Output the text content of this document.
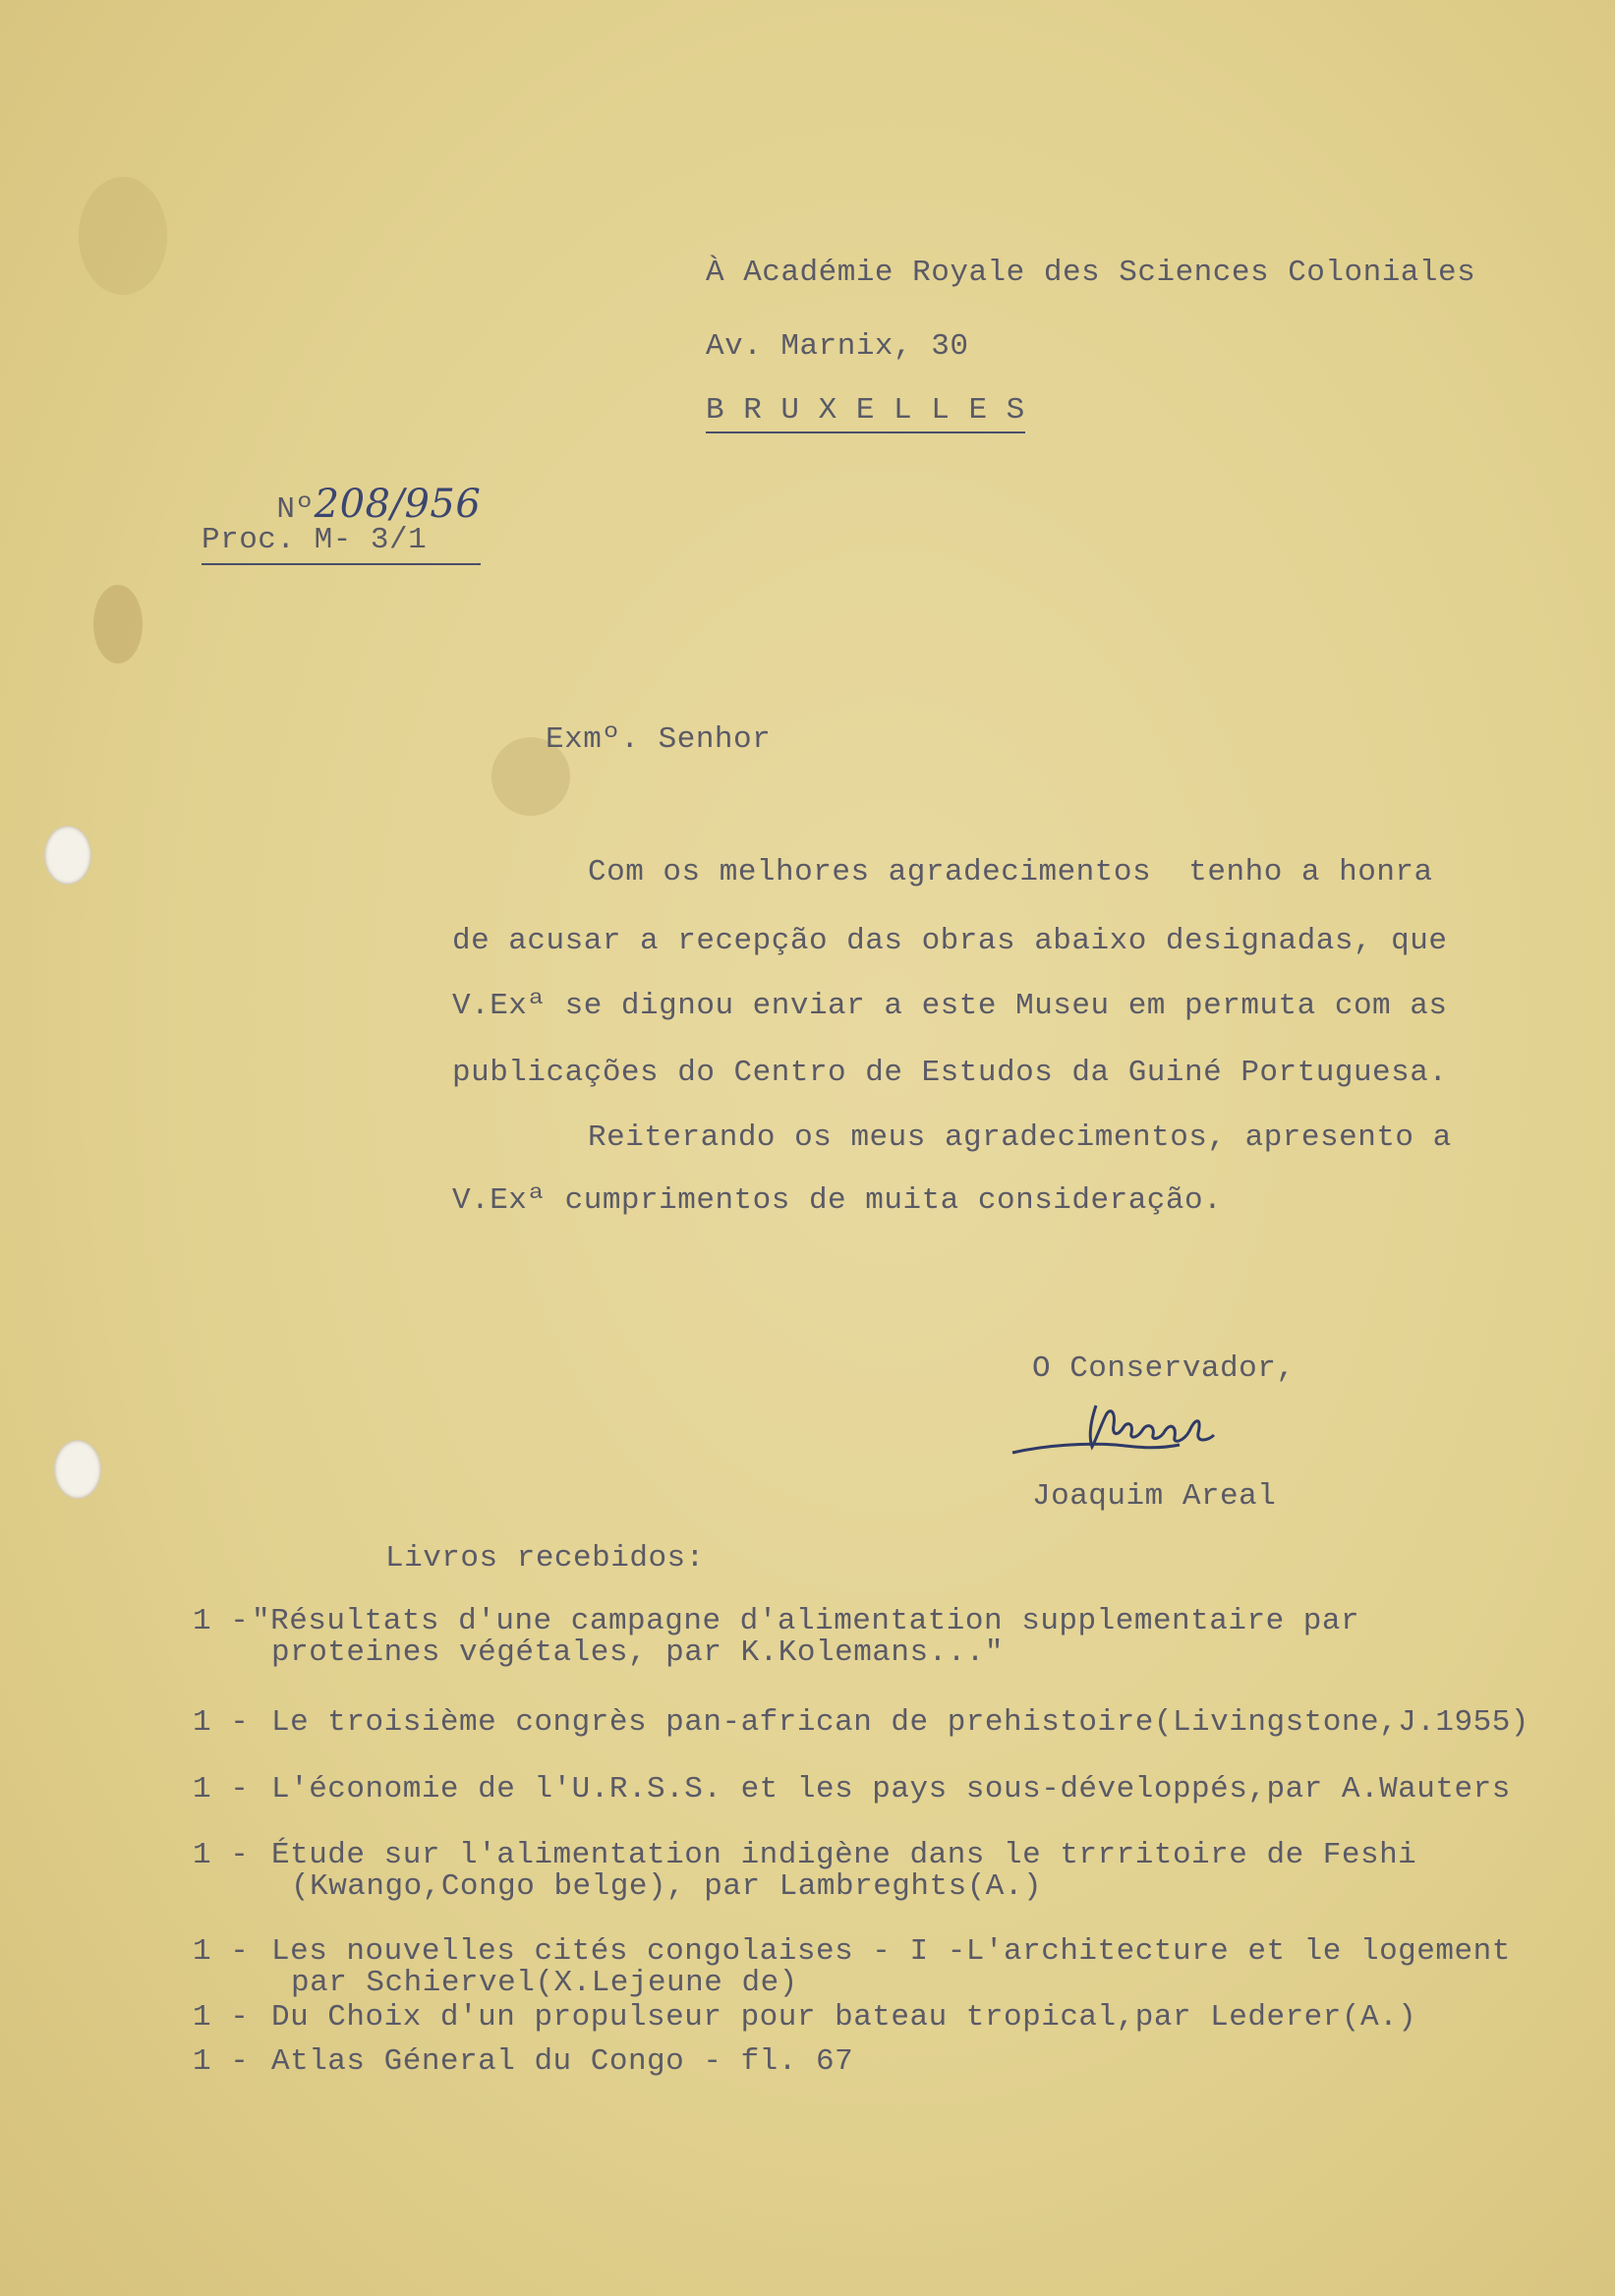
À Académie Royale des Sciences Coloniales
Av. Marnix, 30
B R U X E L L E S

Nº208/956

Proc. M- 3/1
Exmº. Senhor
Com os melhores agradecimentos  tenho a honra
de acusar a recepção das obras abaixo designadas, que
V.Exª se dignou enviar a este Museu em permuta com as
publicações do Centro de Estudos da Guiné Portuguesa.
Reiterando os meus agradecimentos, apresento a
V.Exª cumprimentos de muita consideração.
O Conservador,
Joaquim Areal
Livros recebidos:
1 - "Résultats d'une campagne d'alimentation supplementaire par
proteines végétales, par K.Kolemans..."
1 - Le troisième congrès pan-african de prehistoire(Livingstone,J.1955)
1 - L'économie de l'U.R.S.S. et les pays sous-développés,par A.Wauters
1 - Étude sur l'alimentation indigène dans le trrritoire de Feshi
(Kwango,Congo belge), par Lambreghts(A.)
1 - Les nouvelles cités congolaises - I -L'architecture et le logement
par Schiervel(X.Lejeune de)
1 - Du Choix d'un propulseur pour bateau tropical,par Lederer(A.)
1 - Atlas Géneral du Congo - fl. 67
